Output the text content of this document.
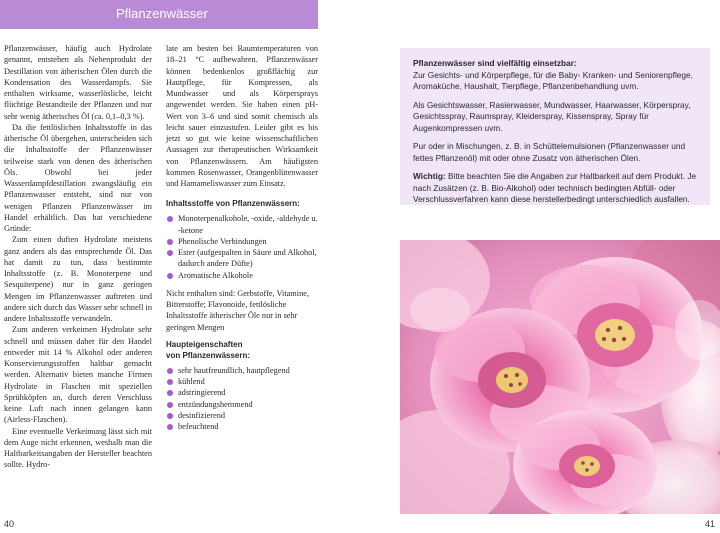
Pflanzenwässer

Pflanzenwässer, häufig auch Hydrolate genannt, entstehen als Nebenprodukt der Destillation von ätherischen Ölen durch die Kondensation des Wasserdampfs. Sie enthalten wirksame, wasserlösliche, leicht flüchtige Bestandteile der Pflanzen und nur sehr wenig ätherisches Öl (ca. 0,1–0,3 %).

Da die fettlöslichen Inhaltsstoffe in das ätherische Öl übergehen, unterscheiden sich die Inhaltsstoffe der Pflanzenwässer teilweise stark von denen des ätherischen Öls. Obwohl bei jeder Wasserdampfdestillation zwangsläufig ein Pflanzenwasser entsteht, sind nur von wenigen Pflanzen Pflanzenwässer im Handel erhältlich. Das hat verschiedene Gründe:

Zum einen duften Hydrolate meistens ganz anders als das entsprechende Öl. Das hat damit zu tun, dass bestimmte Inhaltsstoffe (z. B. Monoterpene und Sesquiterpene) nur in ganz geringen Mengen im Pflanzenwasser auftreten und andere sich durch das Wasser sehr schnell in andere Inhaltsstoffe verwandeln.

Zum anderen verkeimen Hydrolate sehr schnell und müssen daher für den Handel entweder mit 14 % Alkohol oder anderen Konservierungsstoffen haltbar gemacht werden. Alternativ bieten manche Firmen Hydrolate in Flaschen mit speziellen Sprühköpfen an, durch deren Verschluss keine Luft nach innen gelangen kann (Airless-Flaschen).

Eine eventuelle Verkeimung lässt sich mit dem Auge nicht erkennen, weshalb man die Haltbarkeitsangaben der Hersteller beachten sollte. Hydro-

late am besten bei Raumtemperaturen von 18–21 °C aufbewahren. Pflanzenwässer können bedenkenlos großflächig zur Hautpflege, für Kompressen, als Mundwasser und als Körpersprays angewendet werden. Sie haben einen pH-Wert von 3–6 und sind somit chemisch als leicht sauer einzustufen. Leider gibt es bis jetzt so gut wie keine wissenschaftlichen Aussagen zur therapeutischen Wirksamkeit von Pflanzenwässern. Am häufigsten kommen Rosenwasser, Orangenblütenwasser und Hamameliswasser zum Einsatz.

Inhaltsstoffe von Pflanzenwässern:
Monoterpenalkohole, -oxide, -aldehyde u. -ketone
Phenolische Verbindungen
Ester (aufgespalten in Säure und Alkohol, dadurch andere Düfte)
Aromatische Alkohole

Nicht enthalten sind: Gerbstoffe, Vitamine, Bitterstoffe; Flavonoide, fettlösliche Inhaltsstoffe ätherischer Öle nur in sehr geringen Mengen

Haupteigenschaften
von Pflanzenwässern:
sehr hautfreundlich, hautpflegend
kühlend
adstringierend
entzündungshemmend
desinfizierend
befeuchtend
40
Pflanzenwässer sind vielfältig einsetzbar:

Zur Gesichts- und Körperpflege, für die Baby- Kranken- und Seniorenpflege, Aromaküche, Haushalt, Tierpflege, Pflanzenbehandlung uvm.

Als Gesichtswasser, Rasierwasser, Mundwasser, Haarwasser, Körperspray, Gesichtsspray, Raumspray, Kleiderspray, Kissenspray, Spray für Augenkompressen uvm.

Pur oder in Mischungen, z. B. in Schüttelemulsionen (Pflanzenwasser und fettes Pflanzenöl) mit oder ohne Zusatz von ätherischen Ölen.

Wichtig: Bitte beachten Sie die Angaben zur Haltbarkeit auf dem Produkt. Je nach Zusätzen (z. B. Bio-Alkohol) oder technisch bedingten Abfüll- oder Verschlussverfahren kann diese herstellerbedingt unterschiedlich ausfallen.

41
